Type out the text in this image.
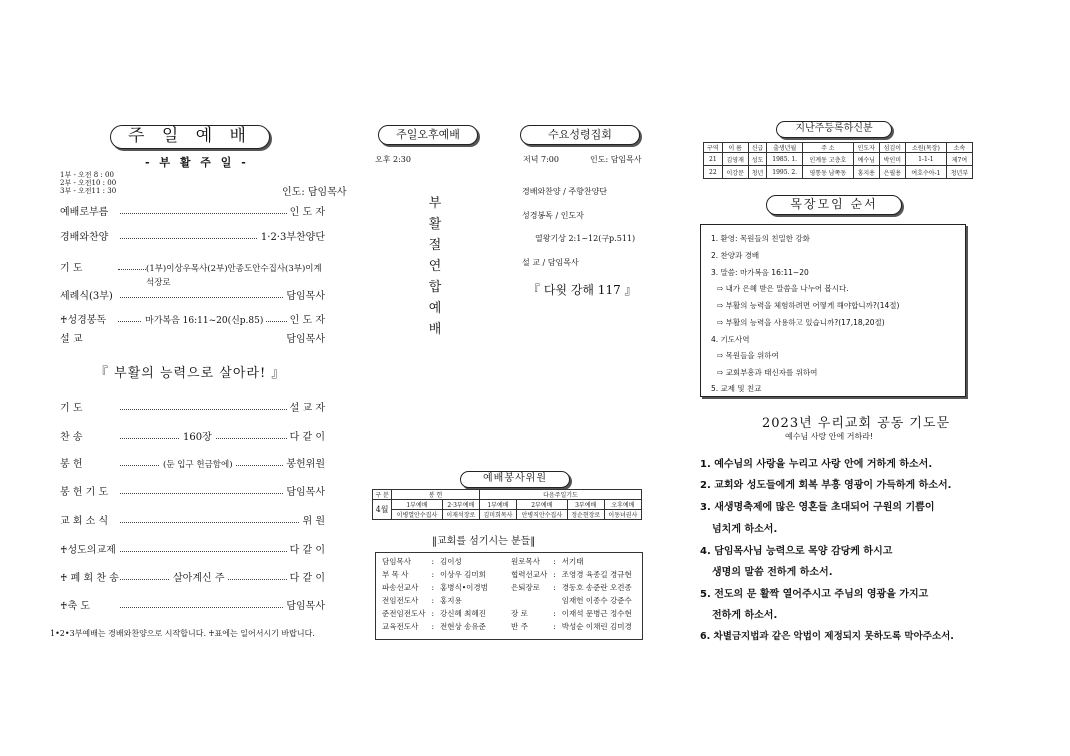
주 일 예 배
- 부 활 주 일 -
1부 - 오전 8 : 00
2부 - 오전10 : 00
3부 - 오전11 : 30	인도: 담임목사
예배로부름	인 도 자
경배와찬양	1·2·3부찬양단
기 도	(1부)이상우목사(2부)안종도안수집사(3부)이계석장로
세례식(3부)	담임목사
♰성경봉독	마가복음 16:11~20(신p.85)	인 도 자
설 교	담임목사
『 부활의 능력으로 살아라! 』
기 도	설 교 자
찬 송	160장	다 같 이
봉 헌	(둔 입구 헌금함에)	봉헌위원
봉 헌 기 도	담임목사
교 회 소 식	위 원
♰성도의교제	다 같 이
♰ 폐 회 찬 송	살아계신 주	다 같 이
♰축 도	담임목사
1•2•3부예배는 경배와찬양으로 시작합니다. ♰표에는 일어서시기 바랍니다.
주일오후예배
오후 2:30
부
활
절
연
합
예
배
수요성령집회
저녁 7:00	인도: 담임목사
경배와찬양 / 주향찬양단
성경봉독 / 인도자
열왕기상 2:1~12(구p.511)
설 교 / 담임목사
『 다윗 강해 117 』
예배봉사위원
구 분	봉 헌		다음주일기도			
4월	1부예배	2·3부예배	1부예배	2부예배	3부예배	오후예배
	이병열안수집사	이재석장로	김미희목사	안병직안수집사	정순현장로	이동녀권사
‖교회를 섬기시는 분들‖
담임목사	:	김이성
부 목 사	:	이상우 김미희
파송선교사	:	홍병식•이경범
전임전도사	:	홍지용
준전임전도사	:	강신혜 최혜진
교육전도사	:	전현상 송유준
원로목사	:	서기태
협력선교사	:	조영경 육종길 경규현
은퇴장로	:	경동호 송준란 오견종
		임재헌 이종수 강준수
장 로	:	이재석 문병근 정수현
반 주	:	박성순 이채린 김미경
지난주등록하신분
구역	이 름	신급	출생년월	주 소	인도자	섬김이	소원(목장)	소속
21	김영재	성도	1985. 1.	인계동 고층호	예수님	박인미	1-1-1	제7여
22	이강문	청년	1995. 2.	영통동 남쪽동	홍지용	은필용	여호수아-1	청년부
목장모임 순서
1. 환영: 목원들의 친밀한 강화
2. 찬양과 경배
3. 말씀: 마가복음 16:11~20
⇨ 내가 은혜 받은 말씀을 나누어 봅시다.
⇨ 부활의 능력을 체험하려면 어떻게 해야합니까?(14절)
⇨ 부활의 능력을 사용하고 있습니까?(17,18,20절)
4. 기도사역
⇨ 목원들을 위하여
⇨ 교회부흥과 태신자를 위하여
5. 교제 및 친교
2023년 우리교회 공동 기도문
예수님 사랑 안에 거하라!
1. 예수님의 사랑을 누리고 사랑 안에 거하게 하소서.
2. 교회와 성도들에게 회복 부흥 영광이 가득하게 하소서.
3. 새생명축제에 많은 영혼들 초대되어 구원의 기쁨이
넘치게 하소서.
4. 담임목사님 능력으로 목양 감당케 하시고
생명의 말씀 전하게 하소서.
5. 전도의 문 활짝 열어주시고 주님의 영광을 가지고
전하게 하소서.
6. 차별금지법과 같은 악법이 제정되지 못하도록 막아주소서.
